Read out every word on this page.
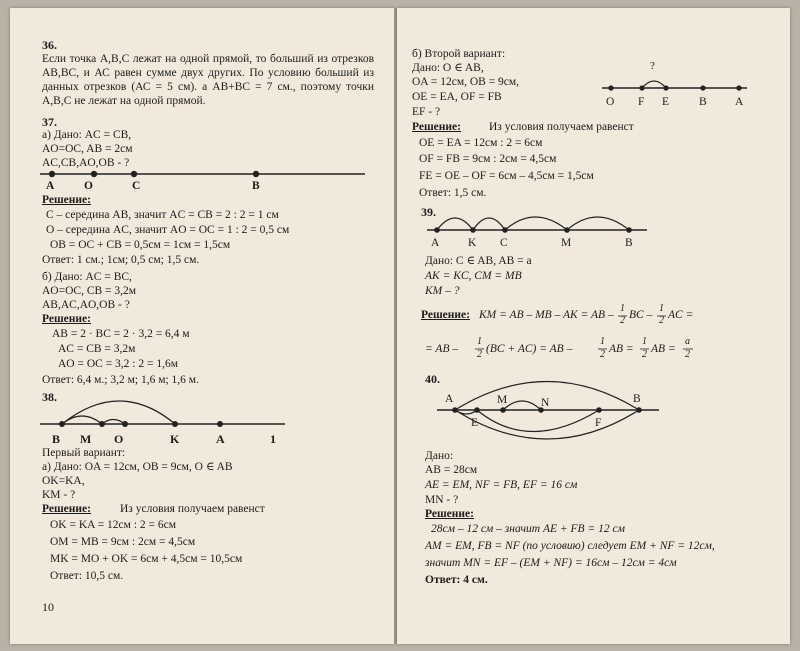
36.
Если точка А,В,С лежат на одной прямой, то больший из отрезков АВ,ВС, и АС равен сумме двух других. По условию больший из данных отрезков (АС = 5 см). а АВ+ВС = 7 см., поэтому точки А,В,С не лежат на одной прямой.
37.
а) Дано: AC = CB,
AO=OC, AB = 2см
AC,CB,AO,OB - ?
A	O	C	B
Решение:
C – середина AB, значит AC = CB = 2 : 2 = 1 см
O – середина AC, значит AO = OC = 1 : 2 = 0,5 см
OB = OC + CB = 0,5см = 1см = 1,5см
Ответ: 1 см.; 1см; 0,5 см; 1,5 см.
б) Дано: AC = BC,
AO=OC, CB = 3,2м
AB,AC,AO,OB - ?
Решение:
AB = 2 · BC = 2 · 3,2 = 6,4 м
AC = CB = 3,2м
AO = OC = 3,2 : 2 = 1,6м
Ответ: 6,4 м.; 3,2 м; 1,6 м; 1,6 м.
38.
B M O	K	A	1
Первый вариант:
а) Дано: OA = 12см, OB = 9см, O ∈ AB
OK=KA,
KM - ?
Решение:	Из условия получаем равенст
OK = KA = 12см : 2 = 6см
OM = MB = 9см : 2см = 4,5см
MK = MO + OK = 6см + 4,5см = 10,5см
Ответ: 10,5 см.
10
б) Второй вариант:
Дано: O ∈ AB,
OA = 12см, OB = 9см,
OE = EA, OF = FB
EF - ?
?
O F E	B A
Решение: Из условия получаем равенст
OE = EA = 12см : 2 = 6см
OF = FB = 9см : 2см = 4,5см
FE = OE – OF = 6см – 4,5см = 1,5см
Ответ: 1,5 см.
39.
A K C	M	B
Дано: C ∈ AB, AB = a
AK = KC, CM = MB
KM – ?
Решение: KM = AB – MB – AK = AB –
1
2 BC –
1
2 AC =
= AB –
1
2 (BC + AC) = AB –
1
2 AB =
1
2 AB =
a
2
40.
A	M	N	B
E	F
Дано:
AB = 28см
AE = EM, NF = FB, EF = 16 см
MN - ?
Решение:
28см – 12 см – значит AE + FB = 12 см
AM = EM, FB = NF (по условию) следует EM + NF = 12см,
значит MN = EF – (EM + NF) = 16см – 12см = 4см
Ответ: 4 см.
